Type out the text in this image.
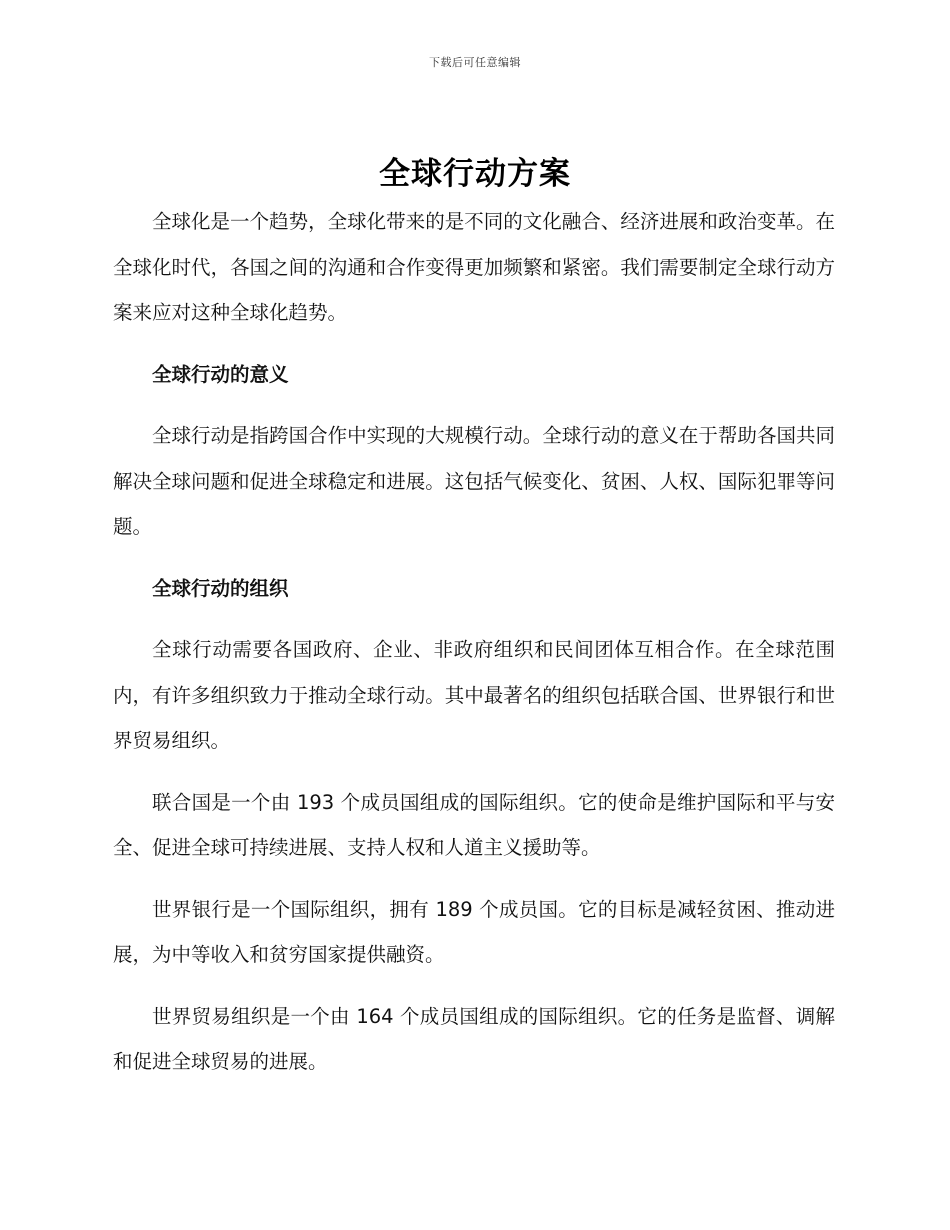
下载后可任意编辑
全球行动方案

全球化是一个趋势，全球化带来的是不同的文化融合、经济进展和政治变革。在全球化时代，各国之间的沟通和合作变得更加频繁和紧密。我们需要制定全球行动方案来应对这种全球化趋势。

全球行动的意义

全球行动是指跨国合作中实现的大规模行动。全球行动的意义在于帮助各国共同解决全球问题和促进全球稳定和进展。这包括气候变化、贫困、人权、国际犯罪等问题。

全球行动的组织

全球行动需要各国政府、企业、非政府组织和民间团体互相合作。在全球范围内，有许多组织致力于推动全球行动。其中最著名的组织包括联合国、世界银行和世界贸易组织。

联合国是一个由 193 个成员国组成的国际组织。它的使命是维护国际和平与安全、促进全球可持续进展、支持人权和人道主义援助等。

世界银行是一个国际组织，拥有 189 个成员国。它的目标是减轻贫困、推动进展，为中等收入和贫穷国家提供融资。

世界贸易组织是一个由 164 个成员国组成的国际组织。它的任务是监督、调解和促进全球贸易的进展。
